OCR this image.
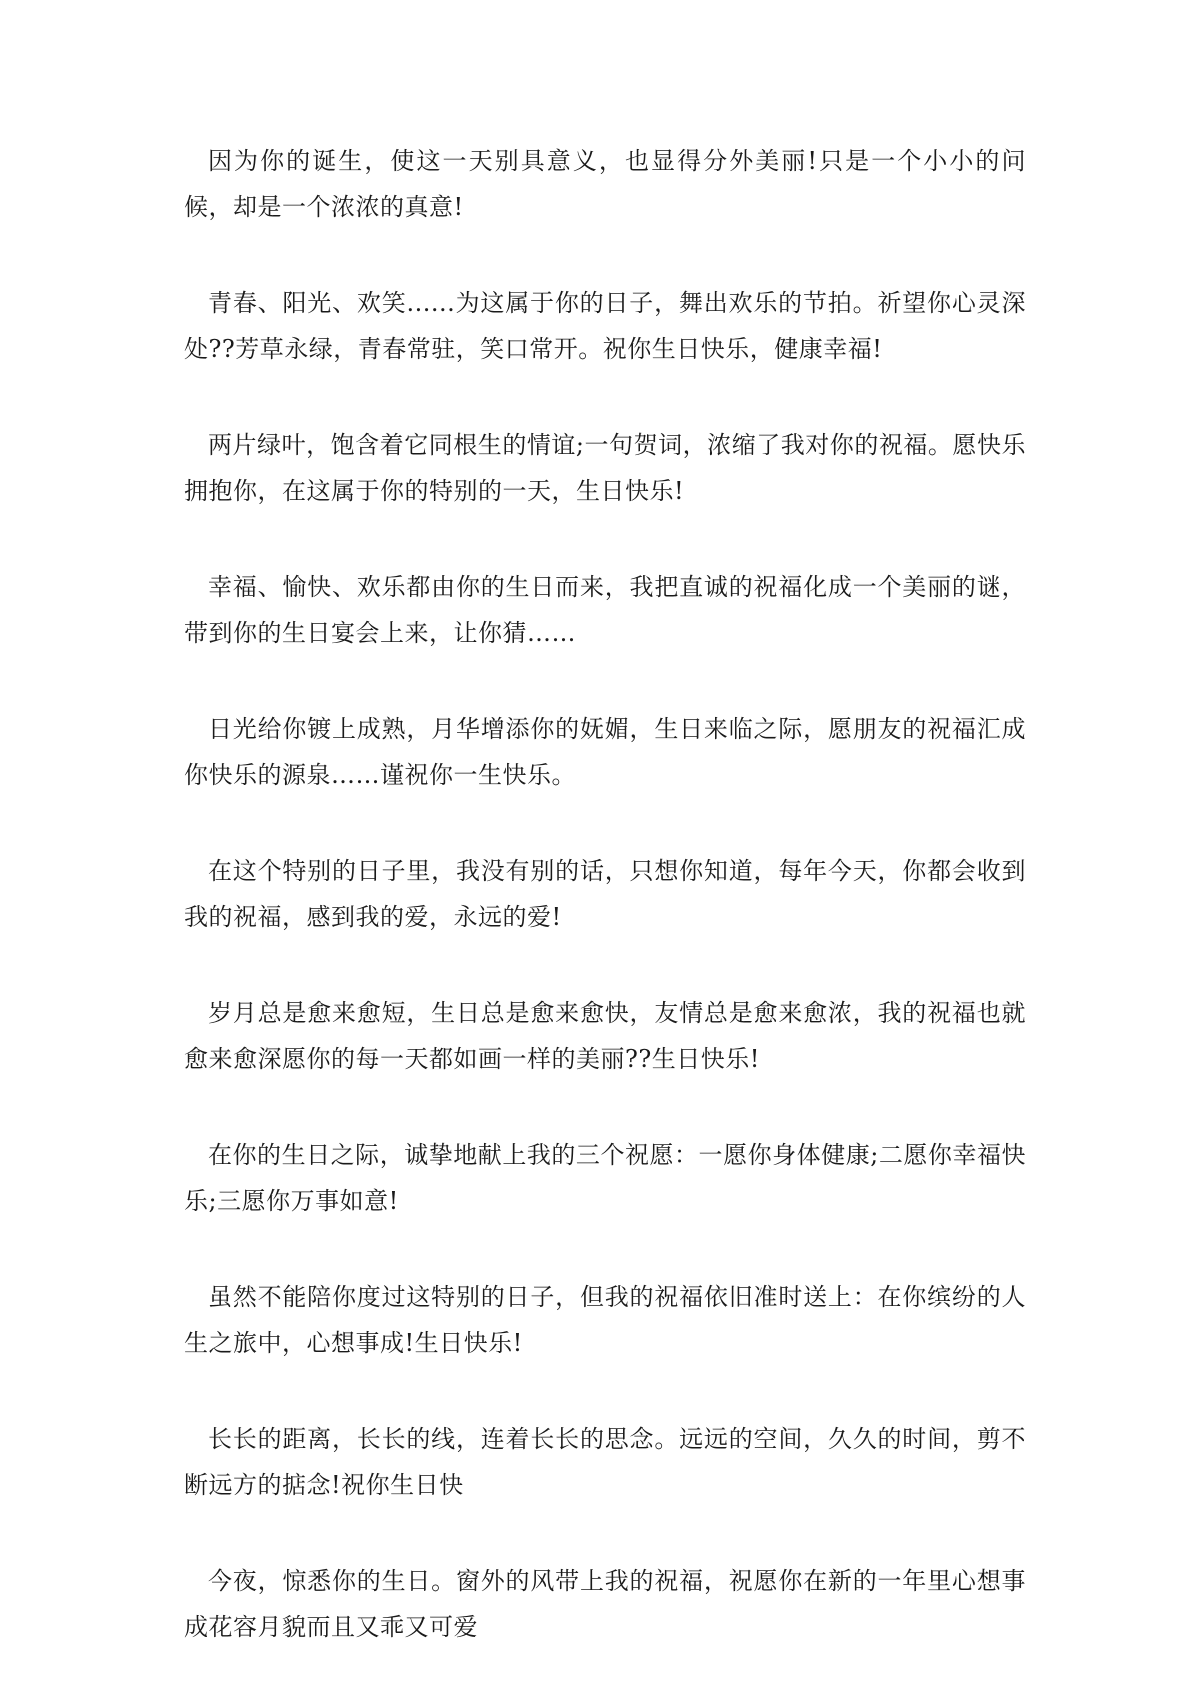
因为你的诞生，使这一天别具意义，也显得分外美丽!只是一个小小的问候，却是一个浓浓的真意!

青春、阳光、欢笑......为这属于你的日子，舞出欢乐的节拍。祈望你心灵深处??芳草永绿，青春常驻，笑口常开。祝你生日快乐，健康幸福!

两片绿叶，饱含着它同根生的情谊;一句贺词，浓缩了我对你的祝福。愿快乐拥抱你，在这属于你的特别的一天，生日快乐!

幸福、愉快、欢乐都由你的生日而来，我把直诚的祝福化成一个美丽的谜，带到你的生日宴会上来，让你猜……

日光给你镀上成熟，月华增添你的妩媚，生日来临之际，愿朋友的祝福汇成你快乐的源泉……谨祝你一生快乐。

在这个特别的日子里，我没有别的话，只想你知道，每年今天，你都会收到我的祝福，感到我的爱，永远的爱!

岁月总是愈来愈短，生日总是愈来愈快，友情总是愈来愈浓，我的祝福也就愈来愈深愿你的每一天都如画一样的美丽??生日快乐!

在你的生日之际，诚挚地献上我的三个祝愿：一愿你身体健康;二愿你幸福快乐;三愿你万事如意!

虽然不能陪你度过这特别的日子，但我的祝福依旧准时送上：在你缤纷的人生之旅中，心想事成!生日快乐!

长长的距离，长长的线，连着长长的思念。远远的空间，久久的时间，剪不断远方的掂念!祝你生日快

今夜，惊悉你的生日。窗外的风带上我的祝福，祝愿你在新的一年里心想事成花容月貌而且又乖又可爱
